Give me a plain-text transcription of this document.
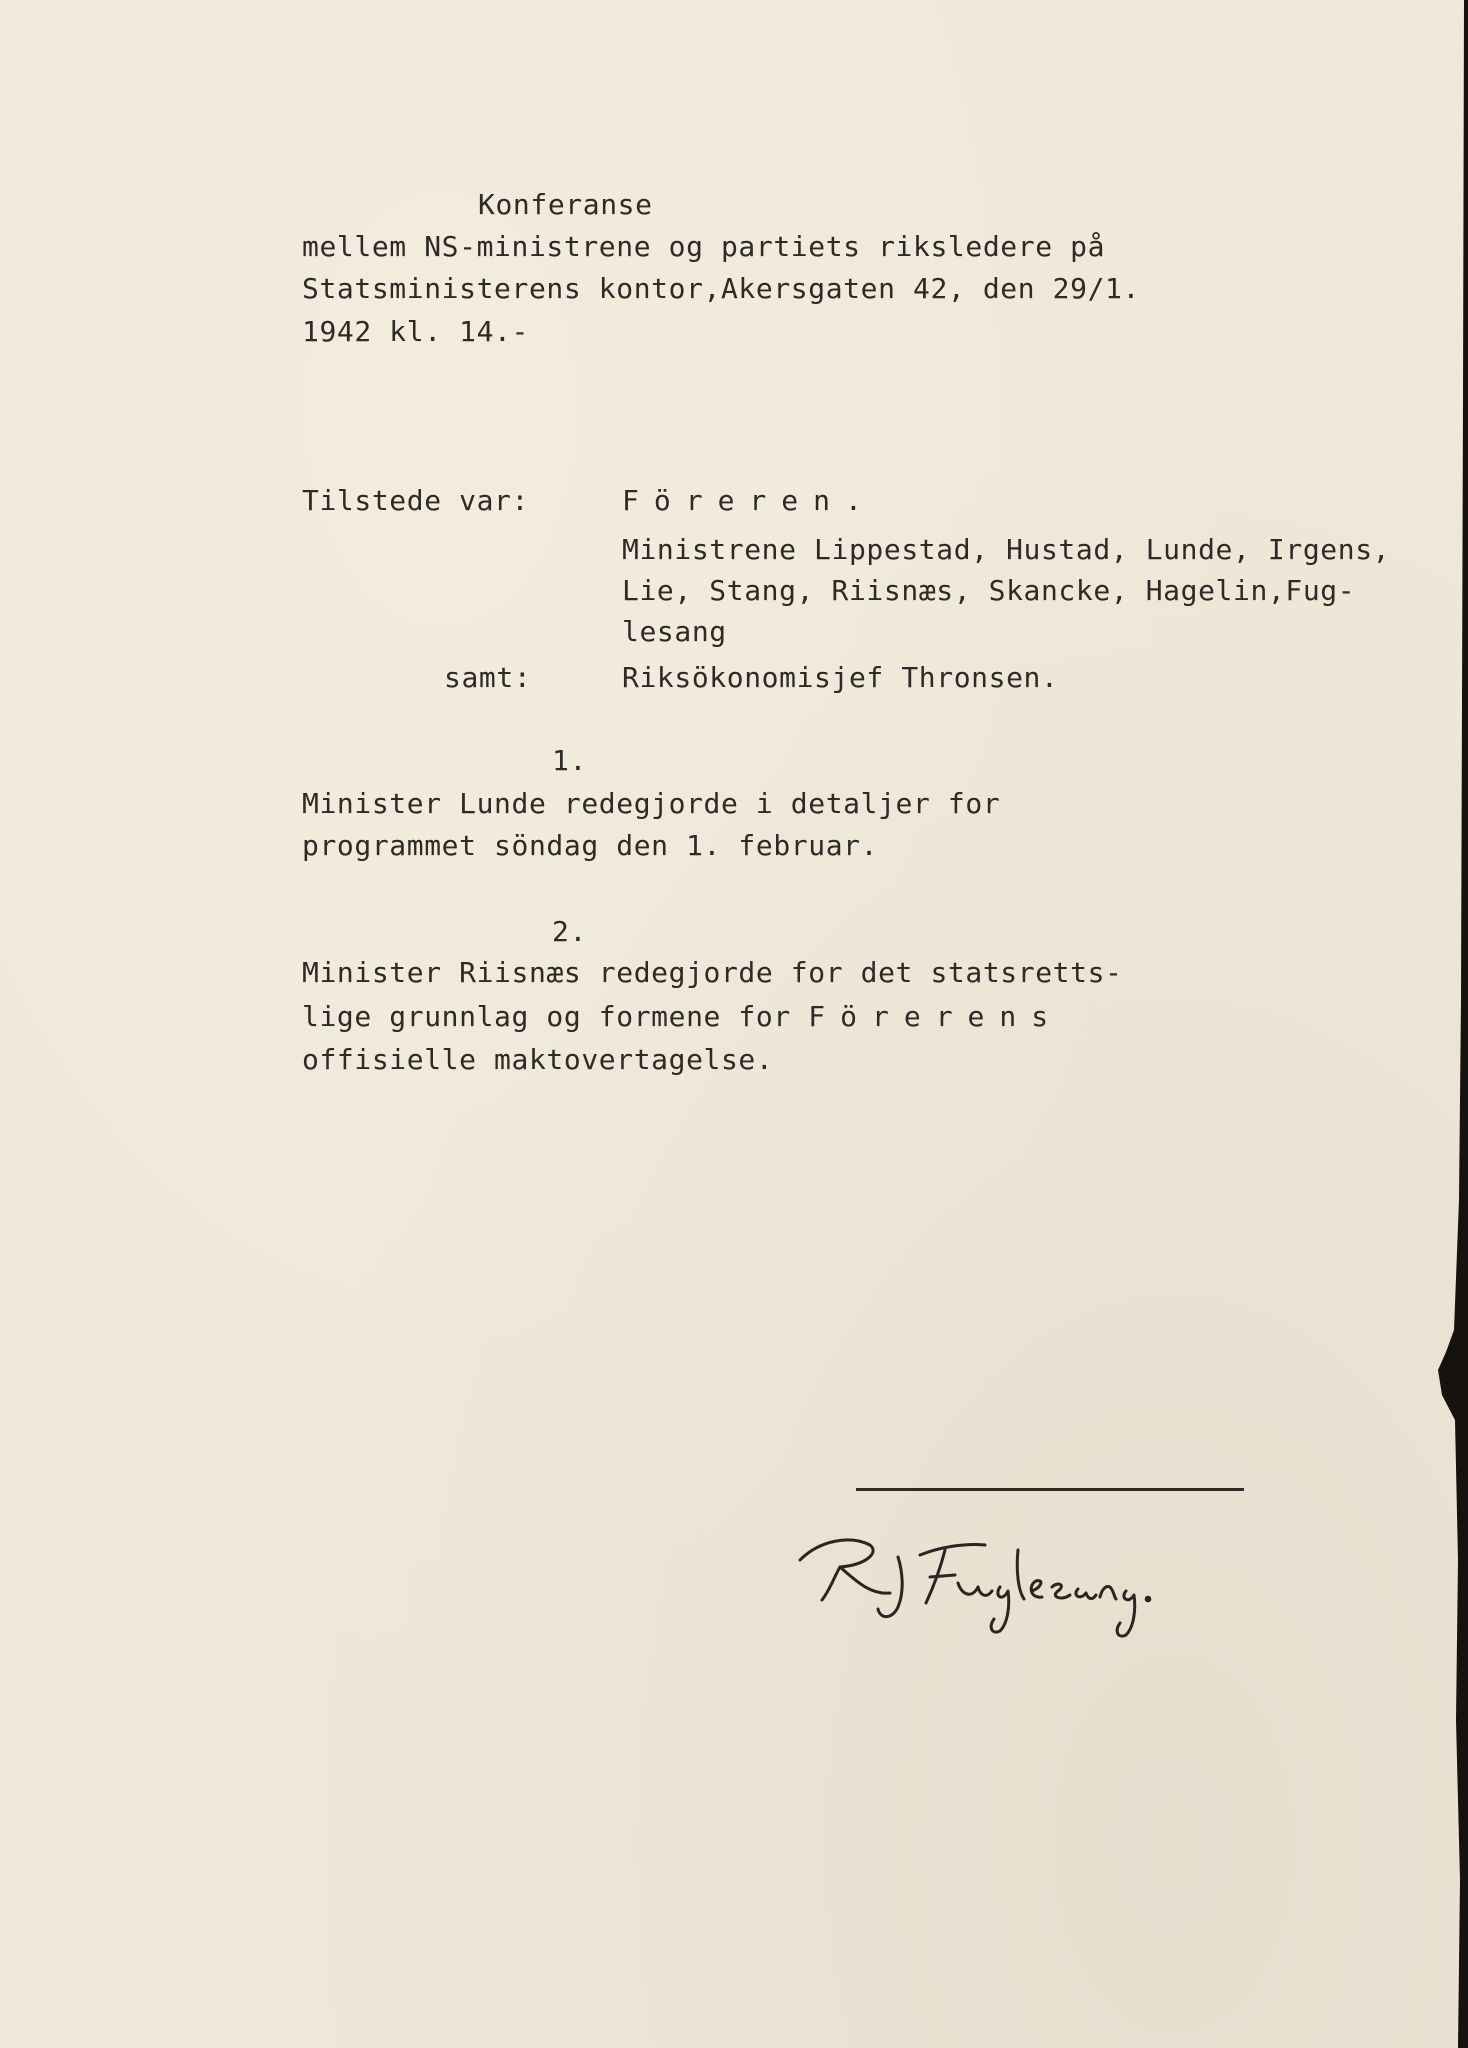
Konferanse
mellem NS-ministrene og partiets riksledere på
Statsministerens kontor,Akersgaten 42, den 29/1.
1942 kl. 14.-
Tilstede var:	Föreren.
Ministrene Lippestad, Hustad, Lunde, Irgens,
Lie, Stang, Riisnæs, Skancke, Hagelin,Fug-
lesang
samt:	Riksökonomisjef Thronsen.
1.
Minister Lunde redegjorde i detaljer for
programmet söndag den 1. februar.
2.
Minister Riisnæs redegjorde for det statsretts-
lige grunnlag og formene for Förerens
offisielle maktovertagelse.
